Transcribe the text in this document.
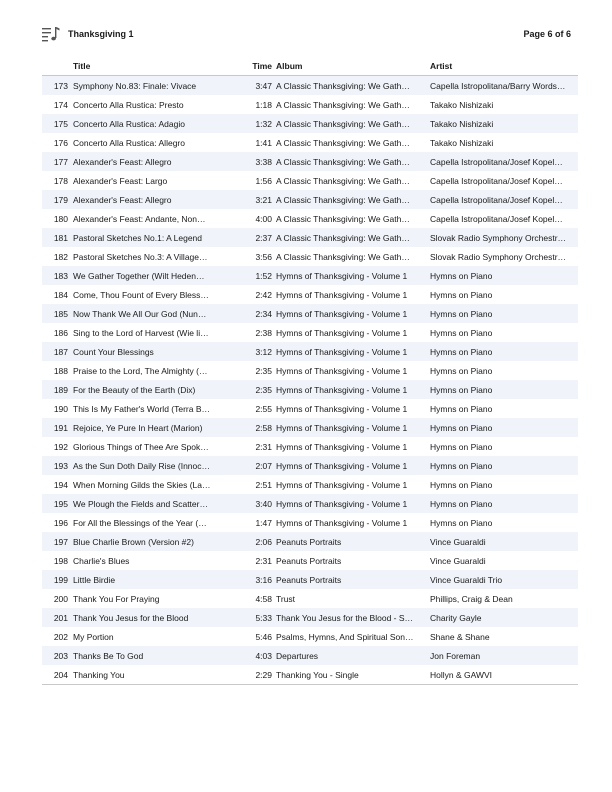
Thanksgiving 1	Page 6 of 6
	Title	Time	Album	Artist
173	Symphony No.83: Finale: Vivace	3:47	A Classic Thanksgiving: We Gath…	Capella Istropolitana/Barry Words…
174	Concerto Alla Rustica: Presto	1:18	A Classic Thanksgiving: We Gath…	Takako Nishizaki
175	Concerto Alla Rustica: Adagio	1:32	A Classic Thanksgiving: We Gath…	Takako Nishizaki
176	Concerto Alla Rustica: Allegro	1:41	A Classic Thanksgiving: We Gath…	Takako Nishizaki
177	Alexander's Feast: Allegro	3:38	A Classic Thanksgiving: We Gath…	Capella Istropolitana/Josef Kopel…
178	Alexander's Feast: Largo	1:56	A Classic Thanksgiving: We Gath…	Capella Istropolitana/Josef Kopel…
179	Alexander's Feast: Allegro	3:21	A Classic Thanksgiving: We Gath…	Capella Istropolitana/Josef Kopel…
180	Alexander's Feast: Andante, Non…	4:00	A Classic Thanksgiving: We Gath…	Capella Istropolitana/Josef Kopel…
181	Pastoral Sketches No.1: A Legend	2:37	A Classic Thanksgiving: We Gath…	Slovak Radio Symphony Orchestr…
182	Pastoral Sketches No.3: A Village…	3:56	A Classic Thanksgiving: We Gath…	Slovak Radio Symphony Orchestr…
183	We Gather Together (Wilt Heden…	1:52	Hymns of Thanksgiving - Volume 1	Hymns on Piano
184	Come, Thou Fount of Every Bless…	2:42	Hymns of Thanksgiving - Volume 1	Hymns on Piano
185	Now Thank We All Our God (Nun…	2:34	Hymns of Thanksgiving - Volume 1	Hymns on Piano
186	Sing to the Lord of Harvest (Wie li…	2:38	Hymns of Thanksgiving - Volume 1	Hymns on Piano
187	Count Your Blessings	3:12	Hymns of Thanksgiving - Volume 1	Hymns on Piano
188	Praise to the Lord, The Almighty (…	2:35	Hymns of Thanksgiving - Volume 1	Hymns on Piano
189	For the Beauty of the Earth (Dix)	2:35	Hymns of Thanksgiving - Volume 1	Hymns on Piano
190	This Is My Father's World (Terra B…	2:55	Hymns of Thanksgiving - Volume 1	Hymns on Piano
191	Rejoice, Ye Pure In Heart (Marion)	2:58	Hymns of Thanksgiving - Volume 1	Hymns on Piano
192	Glorious Things of Thee Are Spok…	2:31	Hymns of Thanksgiving - Volume 1	Hymns on Piano
193	As the Sun Doth Daily Rise (Innoc…	2:07	Hymns of Thanksgiving - Volume 1	Hymns on Piano
194	When Morning Gilds the Skies (La…	2:51	Hymns of Thanksgiving - Volume 1	Hymns on Piano
195	We Plough the Fields and Scatter…	3:40	Hymns of Thanksgiving - Volume 1	Hymns on Piano
196	For All the Blessings of the Year (…	1:47	Hymns of Thanksgiving - Volume 1	Hymns on Piano
197	Blue Charlie Brown (Version #2)	2:06	Peanuts Portraits	Vince Guaraldi
198	Charlie's Blues	2:31	Peanuts Portraits	Vince Guaraldi
199	Little Birdie	3:16	Peanuts Portraits	Vince Guaraldi Trio
200	Thank You For Praying	4:58	Trust	Phillips, Craig & Dean
201	Thank You Jesus for the Blood	5:33	Thank You Jesus for the Blood - S…	Charity Gayle
202	My Portion	5:46	Psalms, Hymns, And Spiritual Son…	Shane & Shane
203	Thanks Be To God	4:03	Departures	Jon Foreman
204	Thanking You	2:29	Thanking You - Single	Hollyn & GAWVI
